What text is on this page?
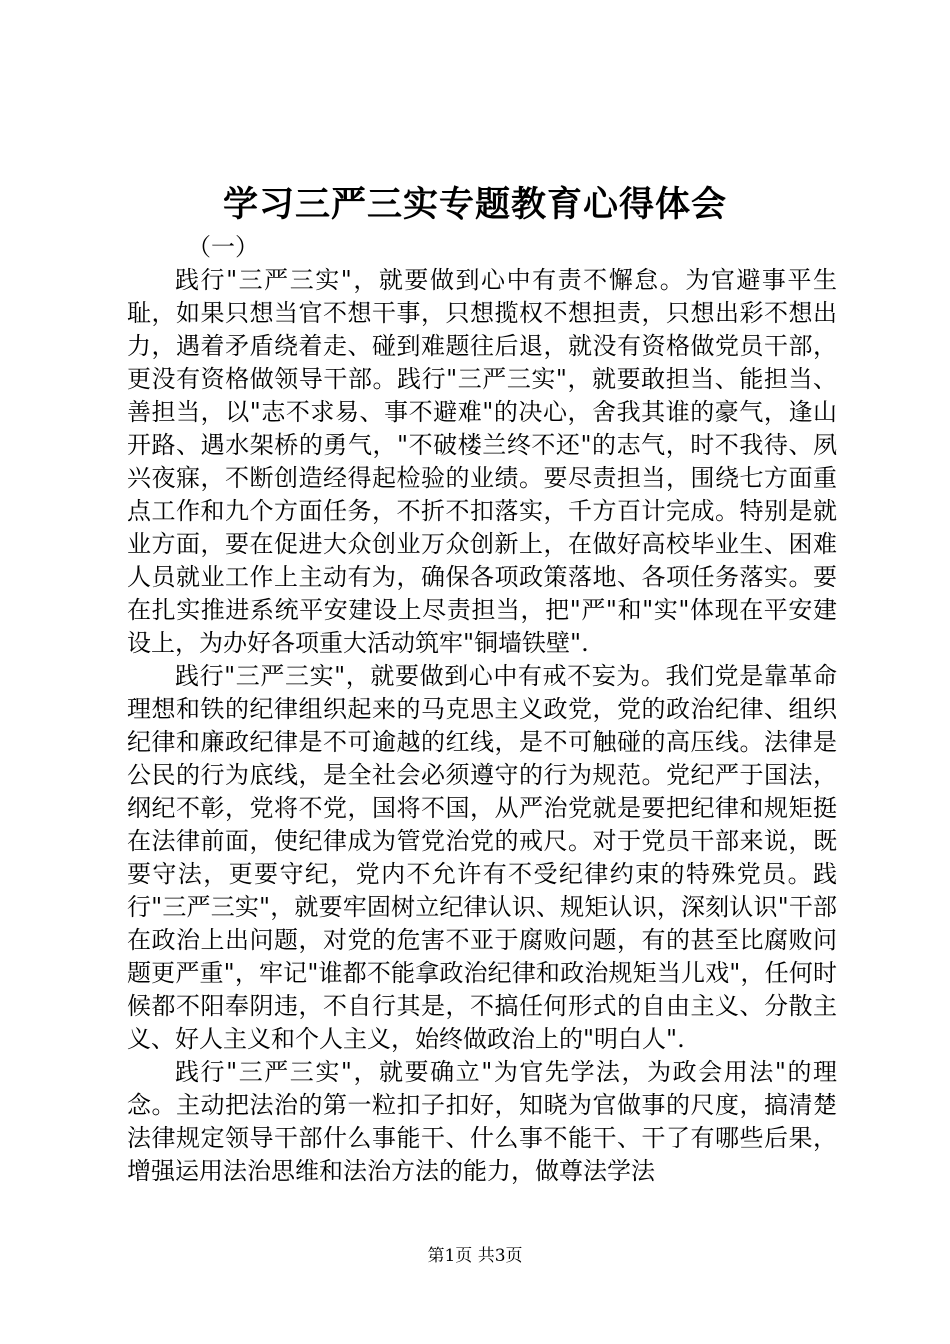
学习三严三实专题教育心得体会

（一）

践行"三严三实"，就要做到心中有责不懈怠。为官避事平生耻，如果只想当官不想干事，只想揽权不想担责，只想出彩不想出力，遇着矛盾绕着走、碰到难题往后退，就没有资格做党员干部，更没有资格做领导干部。践行"三严三实"，就要敢担当、能担当、善担当，以"志不求易、事不避难"的决心，舍我其谁的豪气，逢山开路、遇水架桥的勇气，"不破楼兰终不还"的志气，时不我待、夙兴夜寐，不断创造经得起检验的业绩。要尽责担当，围绕七方面重点工作和九个方面任务，不折不扣落实，千方百计完成。特别是就业方面，要在促进大众创业万众创新上，在做好高校毕业生、困难人员就业工作上主动有为，确保各项政策落地、各项任务落实。要在扎实推进系统平安建设上尽责担当，把"严"和"实"体现在平安建设上，为办好各项重大活动筑牢"铜墙铁壁".

践行"三严三实"，就要做到心中有戒不妄为。我们党是靠革命理想和铁的纪律组织起来的马克思主义政党，党的政治纪律、组织纪律和廉政纪律是不可逾越的红线，是不可触碰的高压线。法律是公民的行为底线，是全社会必须遵守的行为规范。党纪严于国法，纲纪不彰，党将不党，国将不国，从严治党就是要把纪律和规矩挺在法律前面，使纪律成为管党治党的戒尺。对于党员干部来说，既要守法，更要守纪，党内不允许有不受纪律约束的特殊党员。践行"三严三实"，就要牢固树立纪律认识、规矩认识，深刻认识"干部在政治上出问题，对党的危害不亚于腐败问题，有的甚至比腐败问题更严重"，牢记"谁都不能拿政治纪律和政治规矩当儿戏"，任何时候都不阳奉阴违，不自行其是，不搞任何形式的自由主义、分散主义、好人主义和个人主义，始终做政治上的"明白人".

践行"三严三实"，就要确立"为官先学法，为政会用法"的理念。主动把法治的第一粒扣子扣好，知晓为官做事的尺度，搞清楚法律规定领导干部什么事能干、什么事不能干、干了有哪些后果，增强运用法治思维和法治方法的能力，做尊法学法

第1页 共3页
